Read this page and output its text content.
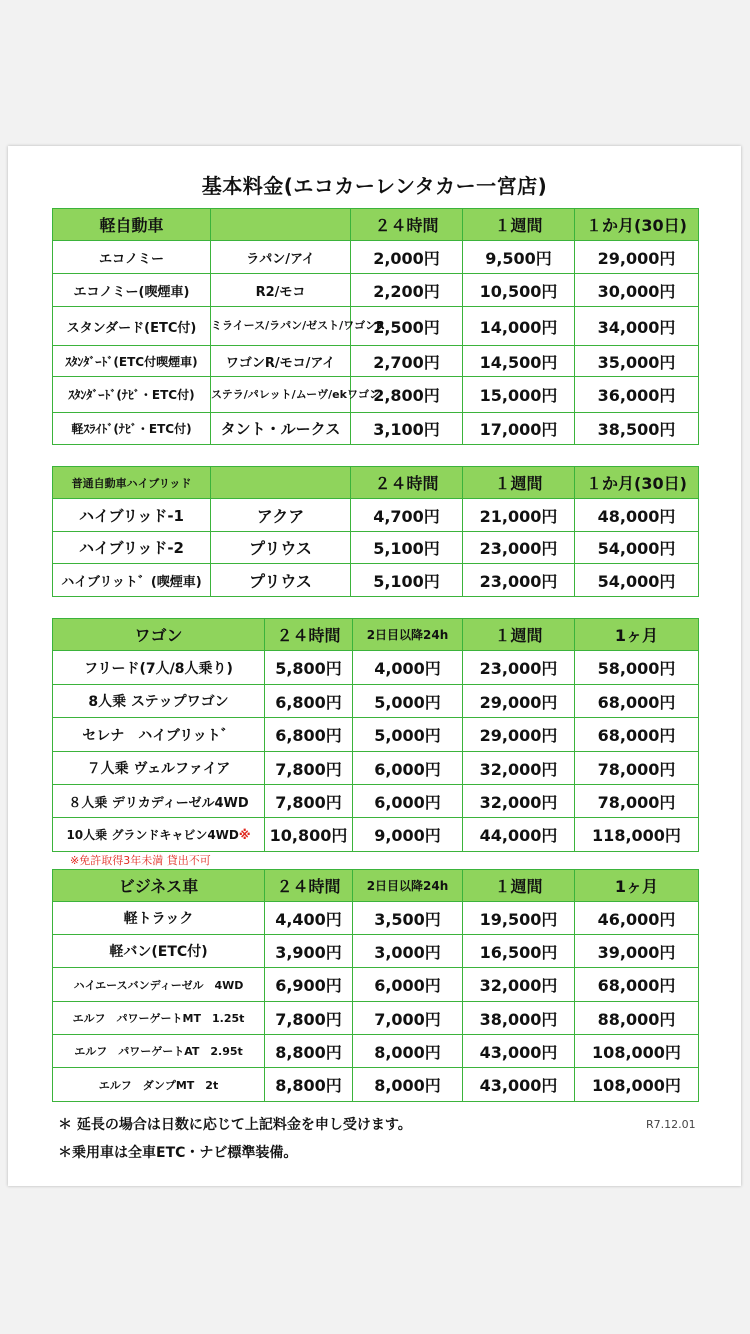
基本料金(エコカーレンタカー一宮店)
軽自動車		２４時間	１週間	１か月(30日)
エコノミー	ラパン/アイ	2,000円	9,500円	29,000円
エコノミー(喫煙車)	R2/モコ	2,200円	10,500円	30,000円
スタンダード(ETC付)	ミライース/ラパン/ゼスト/ワゴンR	2,500円	14,000円	34,000円
ｽﾀﾝﾀﾞｰﾄﾞ(ETC付喫煙車)	ワゴンR/モコ/アイ	2,700円	14,500円	35,000円
ｽﾀﾝﾀﾞｰﾄﾞ(ﾅﾋﾞ・ETC付)	ステラ/パレット/ムーヴ/ekワゴン	2,800円	15,000円	36,000円
軽ｽﾗｲﾄﾞ(ﾅﾋﾞ・ETC付)	タント・ルークス	3,100円	17,000円	38,500円
普通自動車ハイブリッド		２４時間	１週間	１か月(30日)
ハイブリッド-1	アクア	4,700円	21,000円	48,000円
ハイブリッド-2	プリウス	5,100円	23,000円	54,000円
ハイブリット゛(喫煙車)	プリウス	5,100円	23,000円	54,000円
ワゴン	２４時間	2日目以降24h	１週間	1ヶ月
フリード(7人/8人乗り)	5,800円	4,000円	23,000円	58,000円
8人乗 ステップワゴン	6,800円	5,000円	29,000円	68,000円
セレナ　ハイブリット゛	6,800円	5,000円	29,000円	68,000円
７人乗 ヴェルファイア	7,800円	6,000円	32,000円	78,000円
８人乗 デリカディーゼル4WD	7,800円	6,000円	32,000円	78,000円
10人乗 グランドキャビン4WD※	10,800円	9,000円	44,000円	118,000円
※免許取得3年未満 貸出不可
ビジネス車	２４時間	2日目以降24h	１週間	1ヶ月
軽トラック	4,400円	3,500円	19,500円	46,000円
軽バン(ETC付)	3,900円	3,000円	16,500円	39,000円
ハイエースバンディーゼル　4WD	6,900円	6,000円	32,000円	68,000円
エルフ　パワーゲートMT　1.25t	7,800円	7,000円	38,000円	88,000円
エルフ　パワーゲートAT　2.95t	8,800円	8,000円	43,000円	108,000円
エルフ　ダンプMT　2t	8,800円	8,000円	43,000円	108,000円
＊ 延長の場合は日数に応じて上記料金を申し受けます。
＊乗用車は全車ETC・ナビ標準装備。
R7.12.01
